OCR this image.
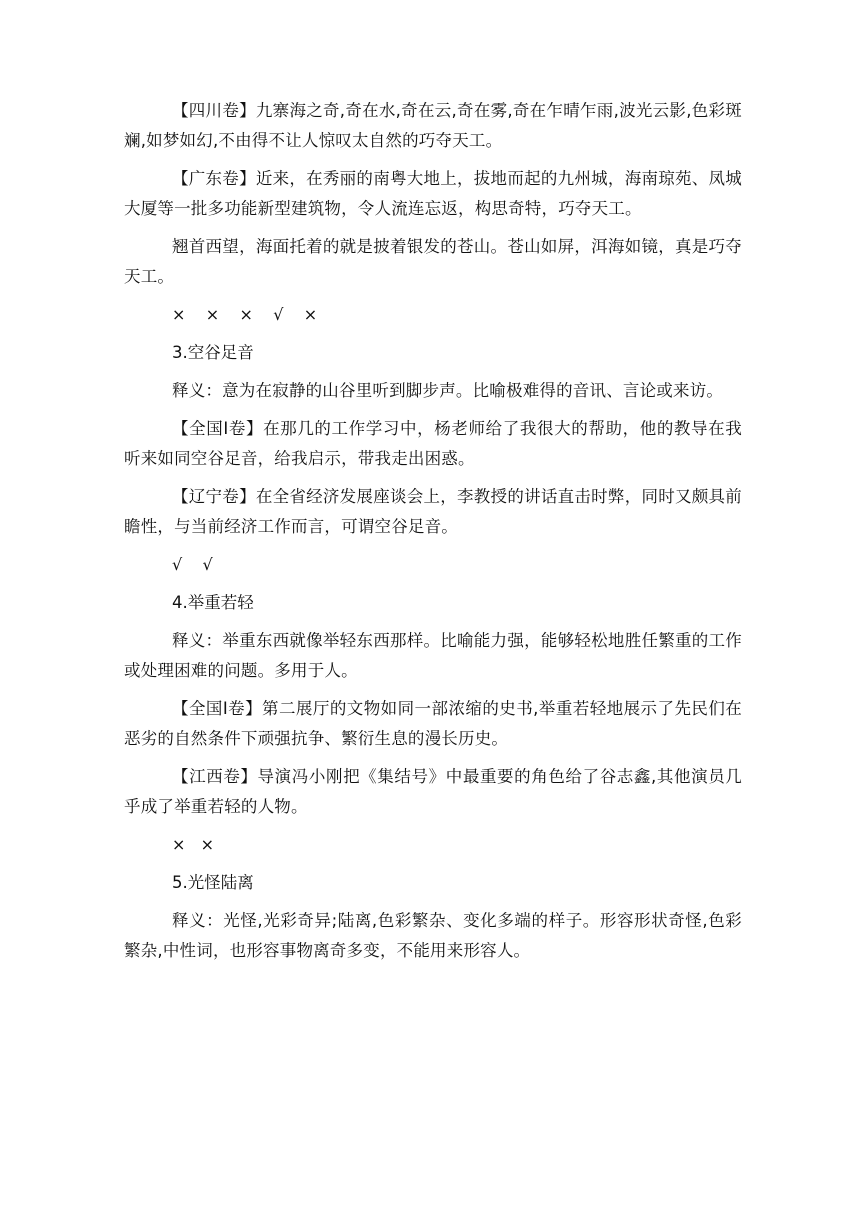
【四川卷】九寨海之奇,奇在水,奇在云,奇在雾,奇在乍晴乍雨,波光云影,色彩斑斓,如梦如幻,不由得不让人惊叹太自然的巧夺天工。

【广东卷】近来，在秀丽的南粤大地上，拔地而起的九州城，海南琼苑、凤城大厦等一批多功能新型建筑物，令人流连忘返，构思奇特，巧夺天工。

翘首西望，海面托着的就是披着银发的苍山。苍山如屏，洱海如镜，真是巧夺天工。

×    ×    ×    √    ×
3.空谷足音

释义：意为在寂静的山谷里听到脚步声。比喻极难得的音讯、言论或来访。

【全国Ⅰ卷】在那几的工作学习中，杨老师给了我很大的帮助，他的教导在我听来如同空谷足音，给我启示，带我走出困惑。

【辽宁卷】在全省经济发展座谈会上，李教授的讲话直击时弊，同时又颇具前瞻性，与当前经济工作而言，可谓空谷足音。

√    √
4.举重若轻

释义：举重东西就像举轻东西那样。比喻能力强，能够轻松地胜任繁重的工作或处理困难的问题。多用于人。

【全国Ⅰ卷】第二展厅的文物如同一部浓缩的史书,举重若轻地展示了先民们在恶劣的自然条件下顽强抗争、繁衍生息的漫长历史。

【江西卷】导演冯小刚把《集结号》中最重要的角色给了谷志鑫,其他演员几乎成了举重若轻的人物。

×   ×
5.光怪陆离

释义：光怪,光彩奇异;陆离,色彩繁杂、变化多端的样子。形容形状奇怪,色彩繁杂,中性词，也形容事物离奇多变，不能用来形容人。
